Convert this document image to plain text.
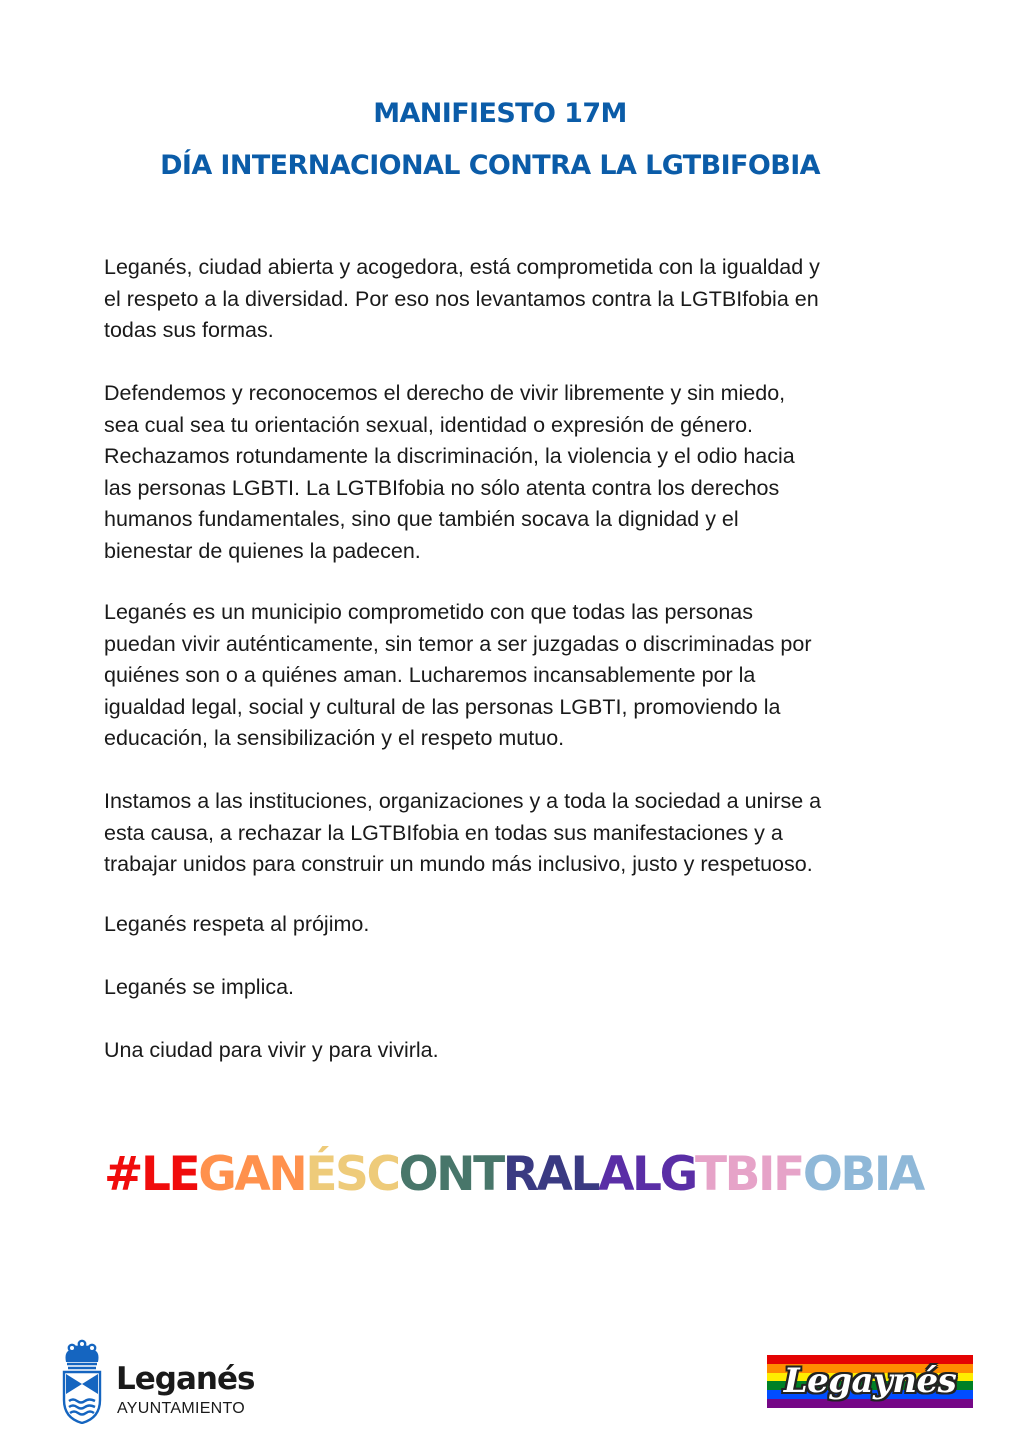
MANIFIESTO 17M
DÍA INTERNACIONAL CONTRA LA LGTBIFOBIA

Leganés, ciudad abierta y acogedora, está comprometida con la igualdad y
el respeto a la diversidad. Por eso nos levantamos contra la LGTBIfobia en
todas sus formas.

Defendemos y reconocemos el derecho de vivir libremente y sin miedo,
sea cual sea tu orientación sexual, identidad o expresión de género.
Rechazamos rotundamente la discriminación, la violencia y el odio hacia
las personas LGBTI. La LGTBIfobia no sólo atenta contra los derechos
humanos fundamentales, sino que también socava la dignidad y el
bienestar de quienes la padecen.

Leganés es un municipio comprometido con que todas las personas
puedan vivir auténticamente, sin temor a ser juzgadas o discriminadas por
quiénes son o a quiénes aman. Lucharemos incansablemente por la
igualdad legal, social y cultural de las personas LGBTI, promoviendo la
educación, la sensibilización y el respeto mutuo.

Instamos a las instituciones, organizaciones y a toda la sociedad a unirse a
esta causa, a rechazar la LGTBIfobia en todas sus manifestaciones y a
trabajar unidos para construir un mundo más inclusivo, justo y respetuoso.

Leganés respeta al prójimo.

Leganés se implica.

Una ciudad para vivir y para vivirla.

#LEGANÉSCONTRALALGTBIFOBIA
Leganés
AYUNTAMIENTO
Legaynés
